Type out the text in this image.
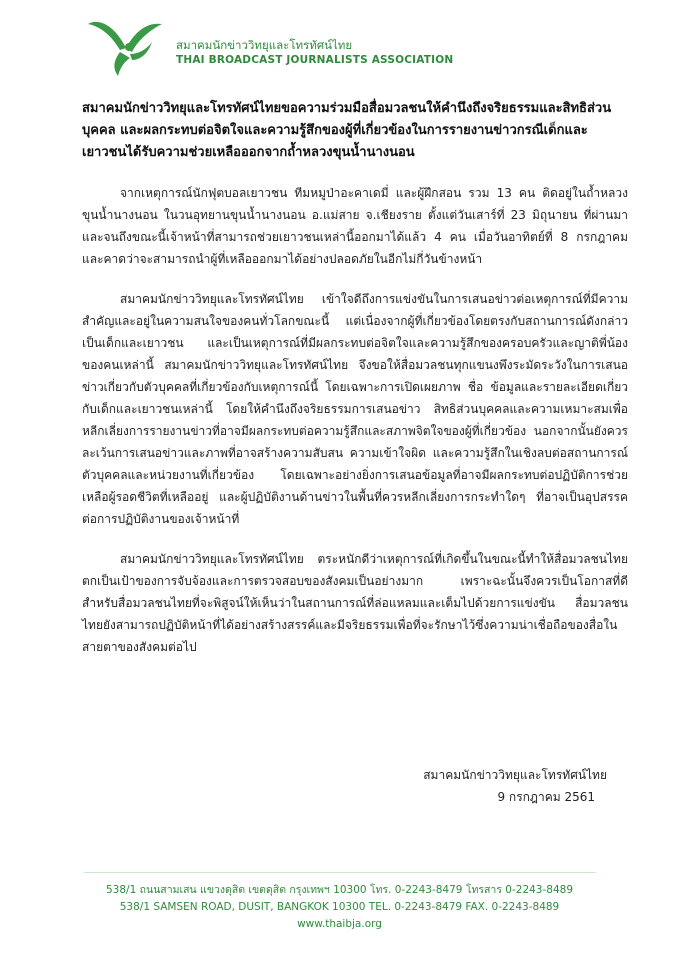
สมาคมนักข่าววิทยุและโทรทัศน์ไทย
THAI BROADCAST JOURNALISTS ASSOCIATION

สมาคมนักข่าววิทยุและโทรทัศน์ไทยขอความร่วมมือสื่อมวลชนให้คำนึงถึงจริยธรรมและสิทธิส่วนบุคคล และผลกระทบต่อจิตใจและความรู้สึกของผู้ที่เกี่ยวข้องในการรายงานข่าวกรณีเด็กและเยาวชนได้รับความช่วยเหลือออกจากถ้ำหลวงขุนน้ำนางนอน

จากเหตุการณ์นักฟุตบอลเยาวชน ทีมหมูป่าอะคาเดมี่ และผู้ฝึกสอน รวม 13 คน ติดอยู่ในถ้ำหลวงขุนน้ำนางนอน ในวนอุทยานขุนน้ำนางนอน อ.แม่สาย จ.เชียงราย ตั้งแต่วันเสาร์ที่ 23 มิถุนายน ที่ผ่านมา และจนถึงขณะนี้เจ้าหน้าที่สามารถช่วยเยาวชนเหล่านี้ออกมาได้แล้ว 4 คน เมื่อวันอาทิตย์ที่ 8 กรกฎาคม และคาดว่าจะสามารถนำผู้ที่เหลือออกมาได้อย่างปลอดภัยในอีกไม่กี่วันข้างหน้า

สมาคมนักข่าววิทยุและโทรทัศน์ไทย เข้าใจดีถึงการแข่งขันในการเสนอข่าวต่อเหตุการณ์ที่มีความสำคัญและอยู่ในความสนใจของคนทั่วโลกขณะนี้ แต่เนื่องจากผู้ที่เกี่ยวข้องโดยตรงกับสถานการณ์ดังกล่าวเป็นเด็กและเยาวชน และเป็นเหตุการณ์ที่มีผลกระทบต่อจิตใจและความรู้สึกของครอบครัวและญาติพี่น้องของคนเหล่านี้ สมาคมนักข่าววิทยุและโทรทัศน์ไทย จึงขอให้สื่อมวลชนทุกแขนงพึงระมัดระวังในการเสนอข่าวเกี่ยวกับตัวบุคคลที่เกี่ยวข้องกับเหตุการณ์นี้ โดยเฉพาะการเปิดเผยภาพ ชื่อ ข้อมูลและรายละเอียดเกี่ยวกับเด็กและเยาวชนเหล่านี้ โดยให้คำนึงถึงจริยธรรมการเสนอข่าว สิทธิส่วนบุคคลและความเหมาะสมเพื่อหลีกเลี่ยงการรายงานข่าวที่อาจมีผลกระทบต่อความรู้สึกและสภาพจิตใจของผู้ที่เกี่ยวข้อง นอกจากนั้นยังควรละเว้นการเสนอข่าวและภาพที่อาจสร้างความสับสน ความเข้าใจผิด และความรู้สึกในเชิงลบต่อสถานการณ์ ตัวบุคคลและหน่วยงานที่เกี่ยวข้อง โดยเฉพาะอย่างยิ่งการเสนอข้อมูลที่อาจมีผลกระทบต่อปฏิบัติการช่วยเหลือผู้รอดชีวิตที่เหลืออยู่ และผู้ปฏิบัติงานด้านข่าวในพื้นที่ควรหลีกเลี่ยงการกระทำใดๆ ที่อาจเป็นอุปสรรคต่อการปฏิบัติงานของเจ้าหน้าที่

สมาคมนักข่าววิทยุและโทรทัศน์ไทย ตระหนักดีว่าเหตุการณ์ที่เกิดขึ้นในขณะนี้ทำให้สื่อมวลชนไทยตกเป็นเป้าของการจับจ้องและการตรวจสอบของสังคมเป็นอย่างมาก เพราะฉะนั้นจึงควรเป็นโอกาสที่ดีสำหรับสื่อมวลชนไทยที่จะพิสูจน์ให้เห็นว่าในสถานการณ์ที่ล่อแหลมและเต็มไปด้วยการแข่งขัน สื่อมวลชนไทยยังสามารถปฏิบัติหน้าที่ได้อย่างสร้างสรรค์และมีจริยธรรมเพื่อที่จะรักษาไว้ซึ่งความน่าเชื่อถือของสื่อในสายตาของสังคมต่อไป

สมาคมนักข่าววิทยุและโทรทัศน์ไทย
9 กรกฎาคม 2561
538/1 ถนนสามเสน แขวงดุสิต เขตดุสิต กรุงเทพฯ 10300 โทร. 0-2243-8479 โทรสาร 0-2243-8489
538/1 SAMSEN ROAD, DUSIT, BANGKOK 10300 TEL. 0-2243-8479 FAX. 0-2243-8489
www.thaibja.org
